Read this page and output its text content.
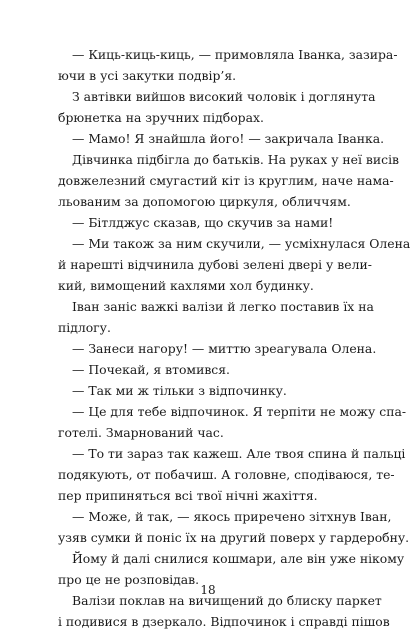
— Киць-киць-киць, — примовляла Іванка, зазира-
ючи в усі закутки подвір’я.
З автівки вийшов високий чоловік і доглянута
брюнетка на зручних підборах.
— Мамо! Я знайшла його! — закричала Іванка.
Дівчинка підбігла до батьків. На руках у неї висів
довжелезний смугастий кіт із круглим, наче нама-
льованим за допомогою циркуля, обличчям.
— Бітлджус сказав, що скучив за нами!
— Ми також за ним скучили, — усміхнулася Олена
й нарешті відчинила дубові зелені двері у вели-
кий, вимощений кахлями хол будинку.
Іван заніс важкі валізи й легко поставив їх на
підлогу.
— Занеси нагору! — миттю зреагувала Олена.
— Почекай, я втомився.
— Так ми ж тільки з відпочинку.
— Це для тебе відпочинок. Я терпіти не можу спа-
готелі. Змарнований час.
— То ти зараз так кажеш. Але твоя спина й пальці
подякують, от побачиш. А головне, сподіваюся, те-
пер припиняться всі твої нічні жахіття.
— Може, й так, — якось приречено зітхнув Іван,
узяв сумки й поніс їх на другий поверх у гардеробну.
Йому й далі снилися кошмари, але він уже нікому
про це не розповідав.
Валізи поклав на вичищений до блиску паркет
і подивися в дзеркало. Відпочинок і справді пішов
18
